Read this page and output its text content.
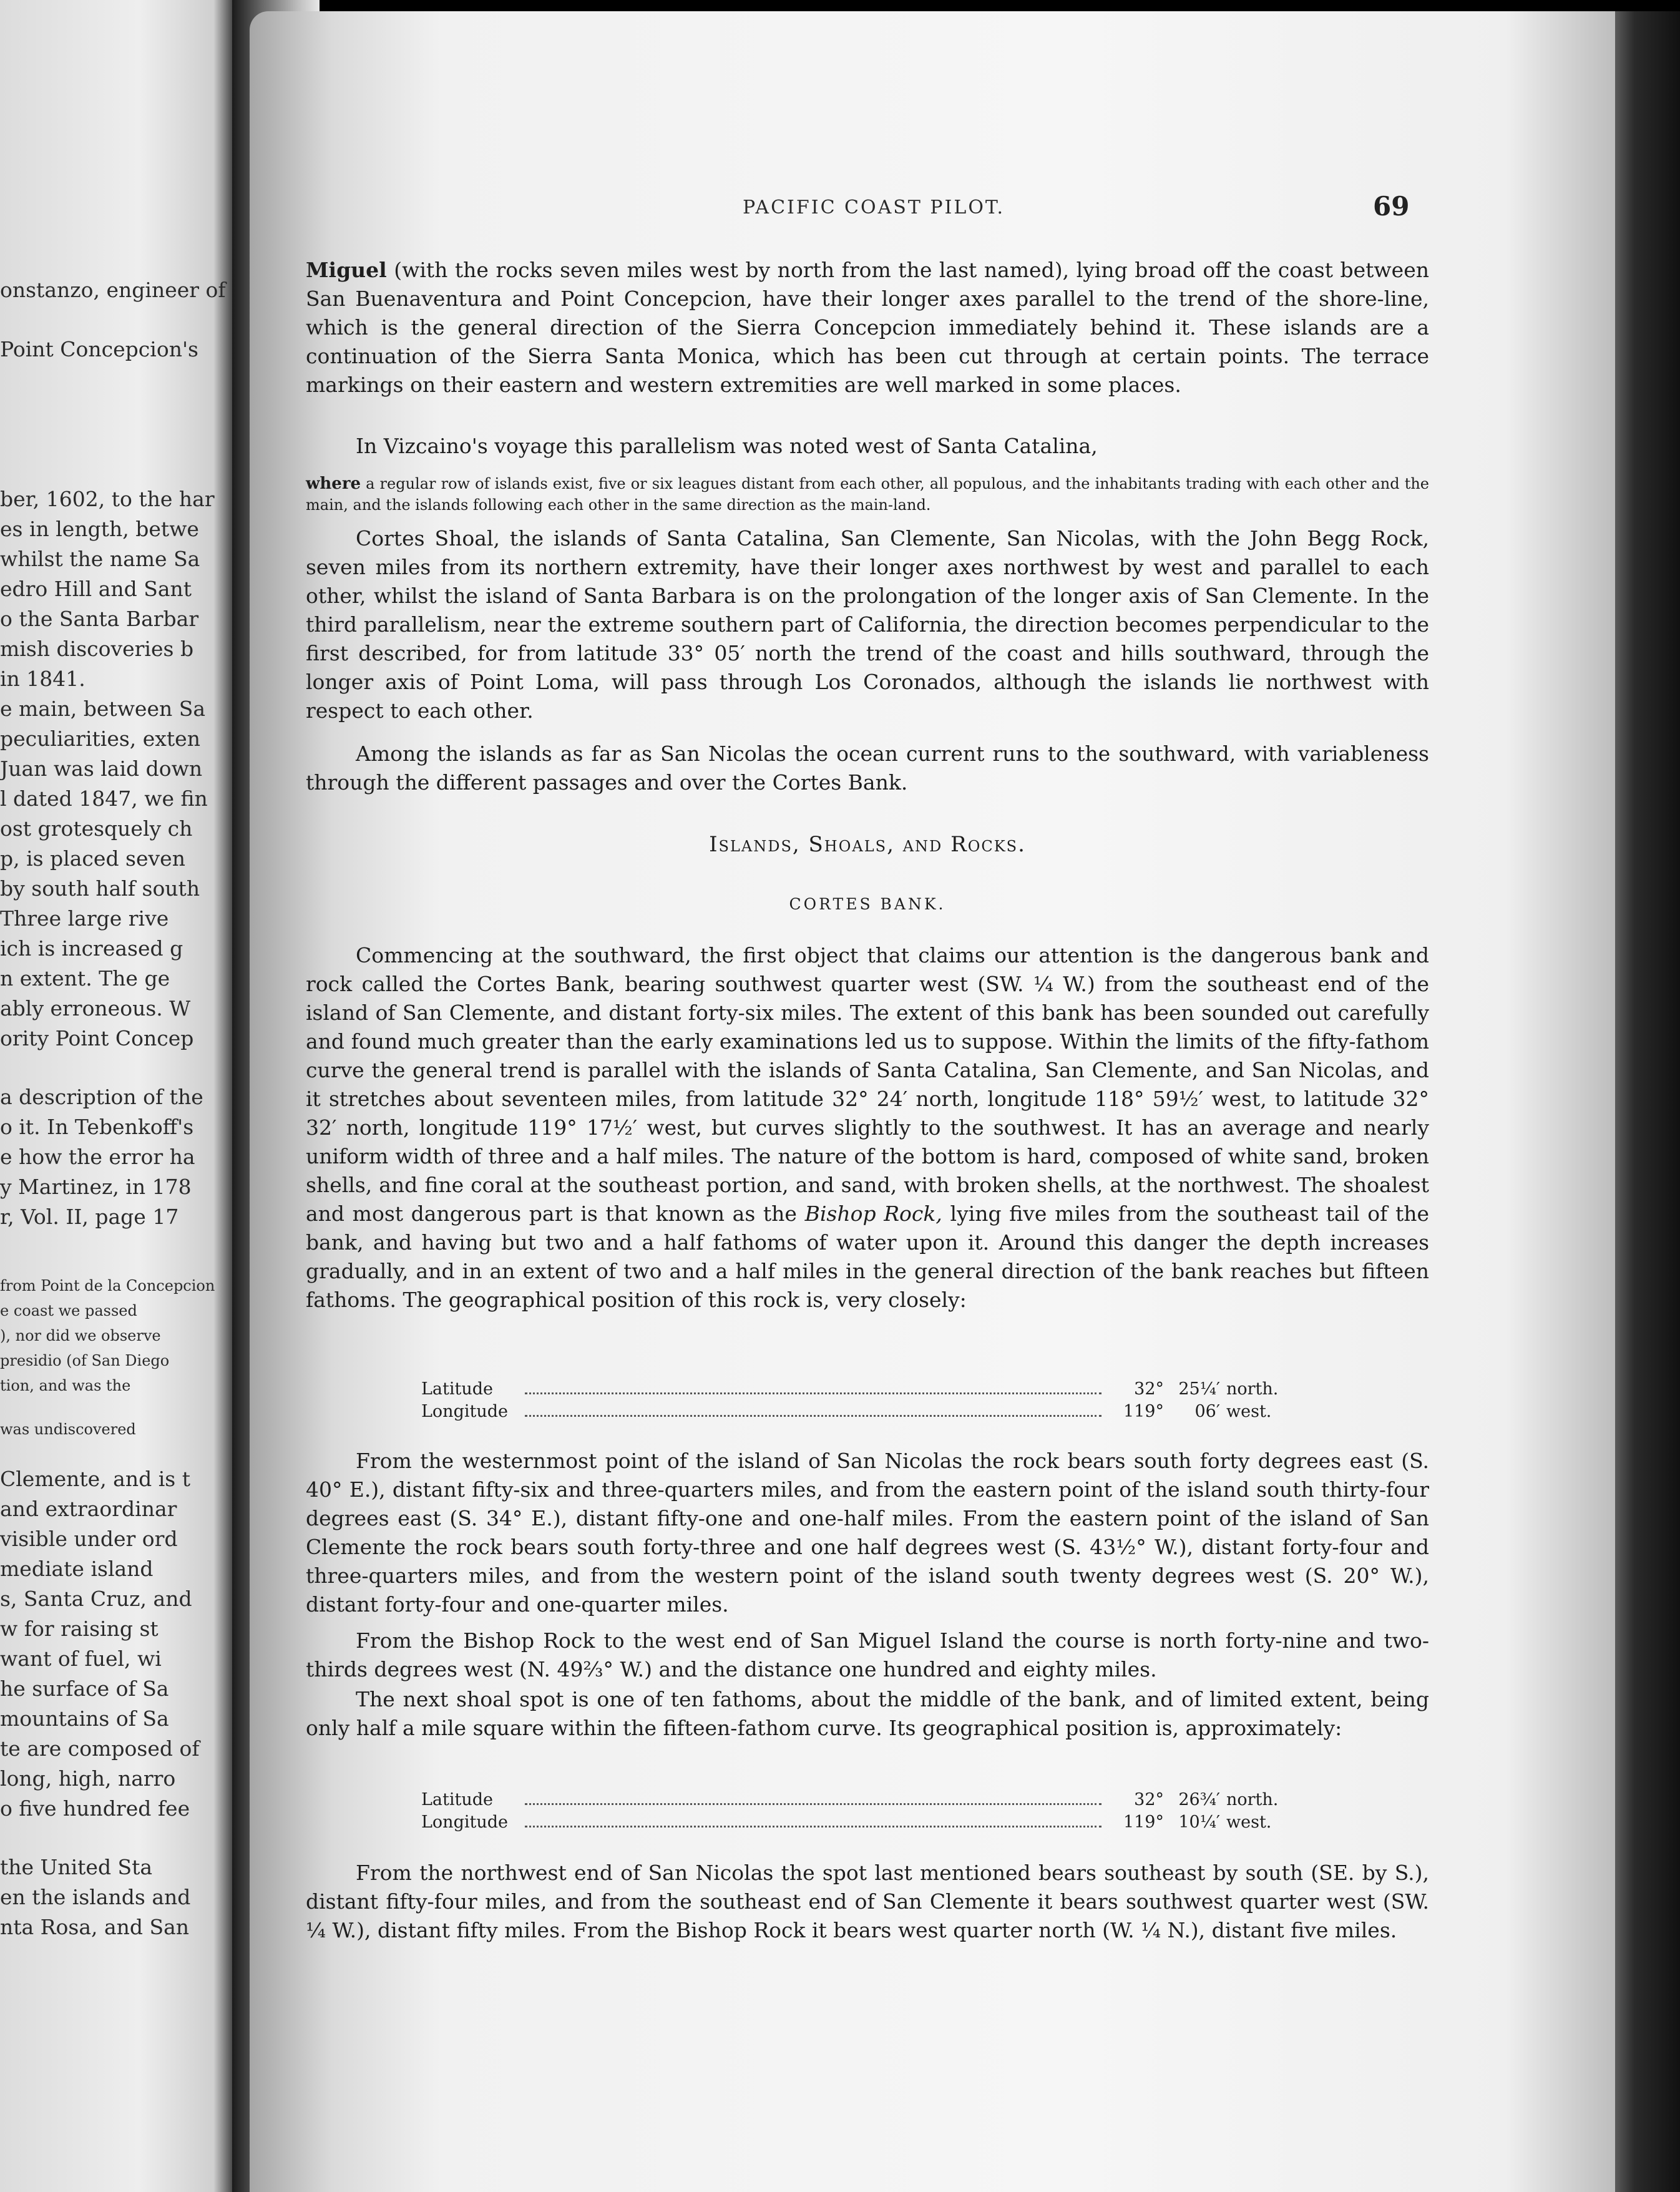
onstanzo, engineer of
Point Concepcion's
ber, 1602, to the har
es in length, betwe
whilst the name Sa
edro Hill and Sant
o the Santa Barbar
mish discoveries b
in 1841.
e main, between Sa
peculiarities, exten
Juan was laid down
l dated 1847, we fin
ost grotesquely ch
p, is placed seven
by south half south
Three large rive
ich is increased g
n extent. The ge
ably erroneous. W
ority Point Concep
a description of the
o it. In Tebenkoff's
e how the error ha
y Martinez, in 178
r, Vol. II, page 17
from Point de la Concepcion
e coast we passed
), nor did we observe
presidio (of San Diego
tion, and was the
was undiscovered
Clemente, and is t
and extraordinar
visible under ord
mediate island
s, Santa Cruz, and
w for raising st
want of fuel, wi
he surface of Sa
mountains of Sa
te are composed of
long, high, narro
o five hundred fee
the United Sta
en the islands and
nta Rosa, and San
PACIFIC COAST PILOT.	69

Miguel (with the rocks seven miles west by north from the last named), lying broad off the coast between San Buenaventura and Point Concepcion, have their longer axes parallel to the trend of the shore-line, which is the general direction of the Sierra Concepcion immediately behind it. These islands are a continuation of the Sierra Santa Monica, which has been cut through at certain points. The terrace markings on their eastern and western extremities are well marked in some places.

In Vizcaino's voyage this parallelism was noted west of Santa Catalina,

where a regular row of islands exist, five or six leagues distant from each other, all populous, and the inhabitants trading with each other and the main, and the islands following each other in the same direction as the main-land.

Cortes Shoal, the islands of Santa Catalina, San Clemente, San Nicolas, with the John Begg Rock, seven miles from its northern extremity, have their longer axes northwest by west and parallel to each other, whilst the island of Santa Barbara is on the prolongation of the longer axis of San Clemente. In the third parallelism, near the extreme southern part of California, the direction becomes perpendicular to the first described, for from latitude 33° 05′ north the trend of the coast and hills southward, through the longer axis of Point Loma, will pass through Los Coronados, although the islands lie northwest with respect to each other.

Among the islands as far as San Nicolas the ocean current runs to the southward, with variableness through the different passages and over the Cortes Bank.

Islands, Shoals, and Rocks.
CORTES BANK.

Commencing at the southward, the first object that claims our attention is the dangerous bank and rock called the Cortes Bank, bearing southwest quarter west (SW. ¼ W.) from the southeast end of the island of San Clemente, and distant forty-six miles. The extent of this bank has been sounded out carefully and found much greater than the early examinations led us to suppose. Within the limits of the fifty-fathom curve the general trend is parallel with the islands of Santa Catalina, San Clemente, and San Nicolas, and it stretches about seventeen miles, from latitude 32° 24′ north, longitude 118° 59½′ west, to latitude 32° 32′ north, longitude 119° 17½′ west, but curves slightly to the southwest. It has an average and nearly uniform width of three and a half miles. The nature of the bottom is hard, composed of white sand, broken shells, and fine coral at the southeast portion, and sand, with broken shells, at the northwest. The shoalest and most dangerous part is that known as the Bishop Rock, lying five miles from the southeast tail of the bank, and having but two and a half fathoms of water upon it. Around this danger the depth increases gradually, and in an extent of two and a half miles in the general direction of the bank reaches but fifteen fathoms. The geographical position of this rock is, very closely:

Latitude	32° 25¼′ north.
Longitude	119°	06′ west.

From the westernmost point of the island of San Nicolas the rock bears south forty degrees east (S. 40° E.), distant fifty-six and three-quarters miles, and from the eastern point of the island south thirty-four degrees east (S. 34° E.), distant fifty-one and one-half miles. From the eastern point of the island of San Clemente the rock bears south forty-three and one half degrees west (S. 43½° W.), distant forty-four and three-quarters miles, and from the western point of the island south twenty degrees west (S. 20° W.), distant forty-four and one-quarter miles.

From the Bishop Rock to the west end of San Miguel Island the course is north forty-nine and two-thirds degrees west (N. 49⅔° W.) and the distance one hundred and eighty miles.

The next shoal spot is one of ten fathoms, about the middle of the bank, and of limited extent, being only half a mile square within the fifteen-fathom curve. Its geographical position is, approximately:

Latitude	32° 26¾′ north.
Longitude	119° 10¼′ west.

From the northwest end of San Nicolas the spot last mentioned bears southeast by south (SE. by S.), distant fifty-four miles, and from the southeast end of San Clemente it bears southwest quarter west (SW. ¼ W.), distant fifty miles. From the Bishop Rock it bears west quarter north (W. ¼ N.), distant five miles.
